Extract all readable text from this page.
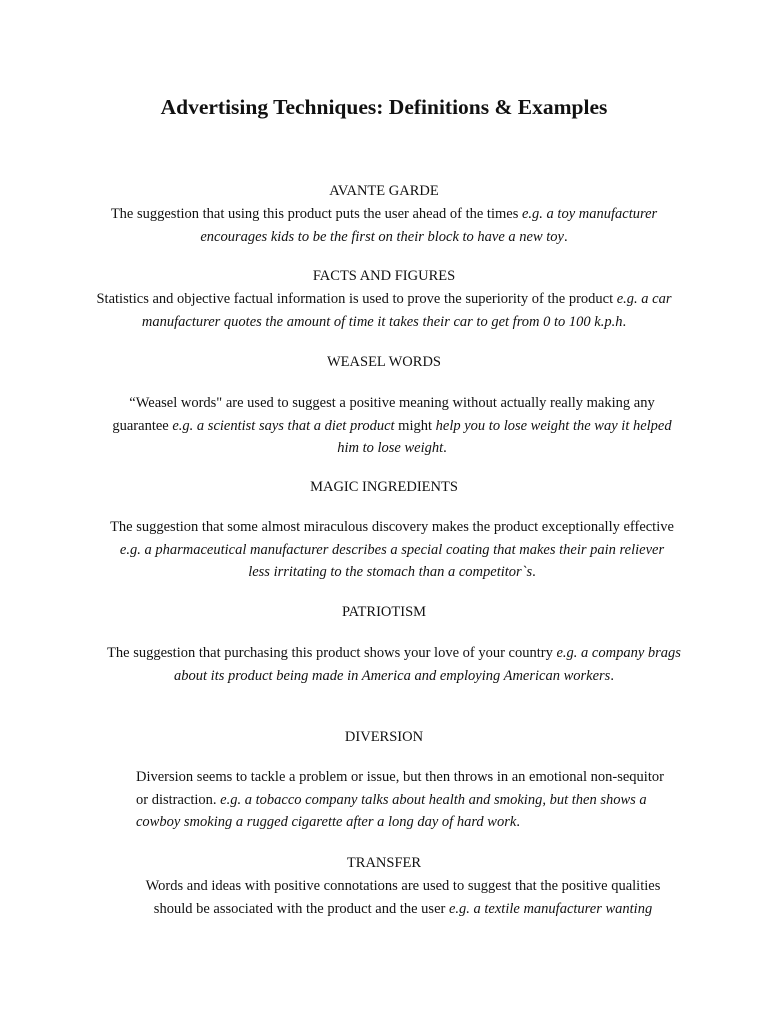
Advertising Techniques: Definitions & Examples
AVANTE GARDE

The suggestion that using this product puts the user ahead of the times e.g. a toy manufacturer encourages kids to be the first on their block to have a new toy.

FACTS AND FIGURES

Statistics and objective factual information is used to prove the superiority of the product e.g. a car manufacturer quotes the amount of time it takes their car to get from 0 to 100 k.p.h.

WEASEL WORDS

“Weasel words" are used to suggest a positive meaning without actually really making any guarantee e.g. a scientist says that a diet product might help you to lose weight the way it helped him to lose weight.

MAGIC INGREDIENTS

The suggestion that some almost miraculous discovery makes the product exceptionally effective e.g. a pharmaceutical manufacturer describes a special coating that makes their pain reliever less irritating to the stomach than a competitor`s.

PATRIOTISM

The suggestion that purchasing this product shows your love of your country e.g. a company brags about its product being made in America and employing American workers.

DIVERSION

Diversion seems to tackle a problem or issue, but then throws in an emotional non-sequitor or distraction. e.g. a tobacco company talks about health and smoking, but then shows a cowboy smoking a rugged cigarette after a long day of hard work.

TRANSFER

Words and ideas with positive connotations are used to suggest that the positive qualities should be associated with the product and the user e.g. a textile manufacturer wanting
